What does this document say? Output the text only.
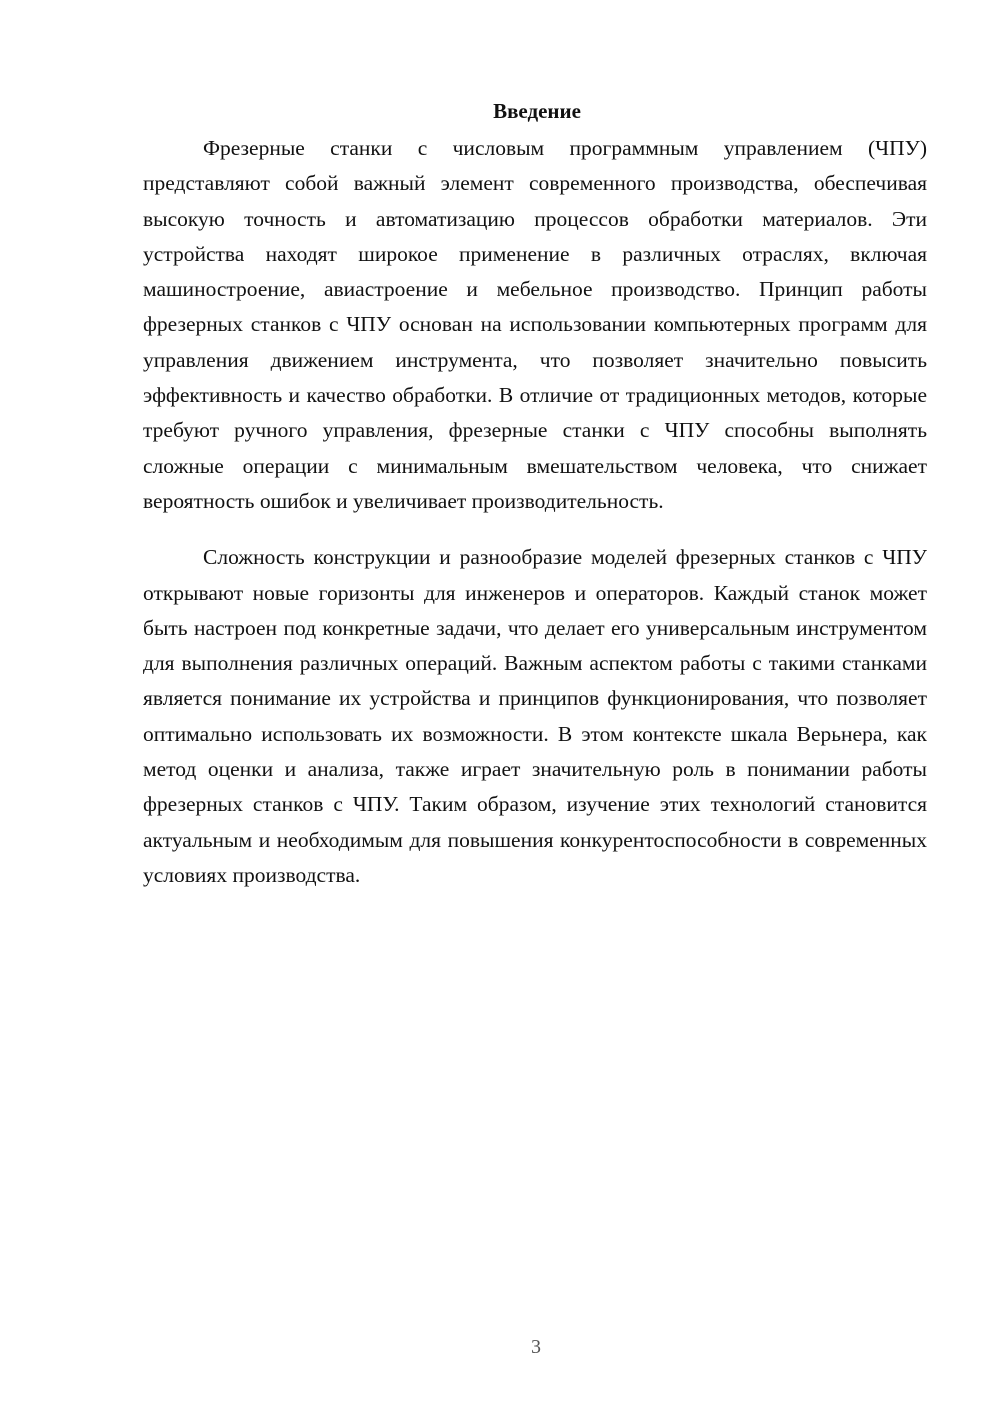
Введение

Фрезерные станки с числовым программным управлением (ЧПУ) представляют собой важный элемент современного производства, обеспечивая высокую точность и автоматизацию процессов обработки материалов. Эти устройства находят широкое применение в различных отраслях, включая машиностроение, авиастроение и мебельное производство. Принцип работы фрезерных станков с ЧПУ основан на использовании компьютерных программ для управления движением инструмента, что позволяет значительно повысить эффективность и качество обработки. В отличие от традиционных методов, которые требуют ручного управления, фрезерные станки с ЧПУ способны выполнять сложные операции с минимальным вмешательством человека, что снижает вероятность ошибок и увеличивает производительность.

Сложность конструкции и разнообразие моделей фрезерных станков с ЧПУ открывают новые горизонты для инженеров и операторов. Каждый станок может быть настроен под конкретные задачи, что делает его универсальным инструментом для выполнения различных операций. Важным аспектом работы с такими станками является понимание их устройства и принципов функционирования, что позволяет оптимально использовать их возможности. В этом контексте шкала Верьнера, как метод оценки и анализа, также играет значительную роль в понимании работы фрезерных станков с ЧПУ. Таким образом, изучение этих технологий становится актуальным и необходимым для повышения конкурентоспособности в современных условиях производства.

3
